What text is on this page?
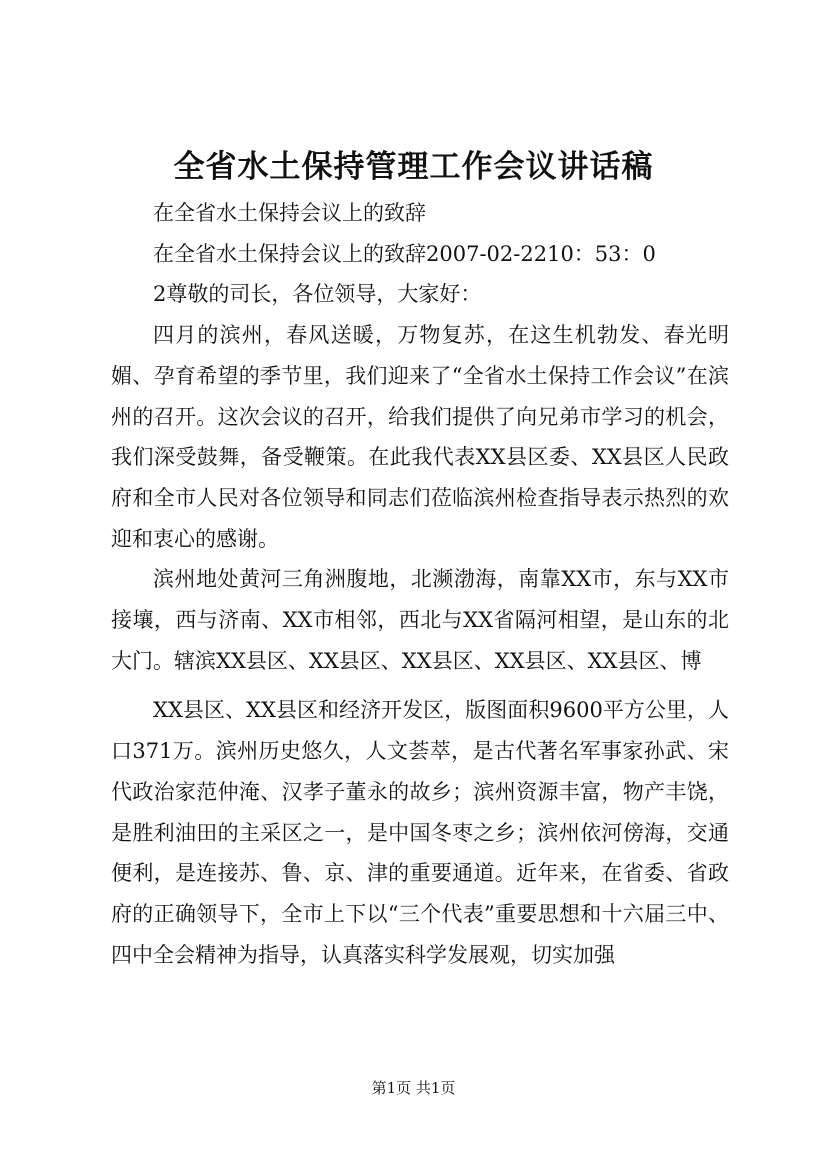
全省水土保持管理工作会议讲话稿

在全省水土保持会议上的致辞

在全省水土保持会议上的致辞2007-02-2210：53：0

2尊敬的司长，各位领导，大家好：

四月的滨州，春风送暖，万物复苏，在这生机勃发、春光明媚、孕育希望的季节里，我们迎来了“全省水土保持工作会议”在滨州的召开。这次会议的召开，给我们提供了向兄弟市学习的机会，我们深受鼓舞，备受鞭策。在此我代表XX县区委、XX县区人民政府和全市人民对各位领导和同志们莅临滨州检查指导表示热烈的欢迎和衷心的感谢。

滨州地处黄河三角洲腹地，北濒渤海，南靠XX市，东与XX市接壤，西与济南、XX市相邻，西北与XX省隔河相望，是山东的北大门。辖滨XX县区、XX县区、XX县区、XX县区、XX县区、博

XX县区、XX县区和经济开发区，版图面积9600平方公里，人口371万。滨州历史悠久，人文荟萃，是古代著名军事家孙武、宋代政治家范仲淹、汉孝子董永的故乡；滨州资源丰富，物产丰饶，是胜利油田的主采区之一，是中国冬枣之乡；滨州依河傍海，交通便利，是连接苏、鲁、京、津的重要通道。近年来，在省委、省政府的正确领导下，全市上下以“三个代表”重要思想和十六届三中、四中全会精神为指导，认真落实科学发展观，切实加强

第1页 共1页
